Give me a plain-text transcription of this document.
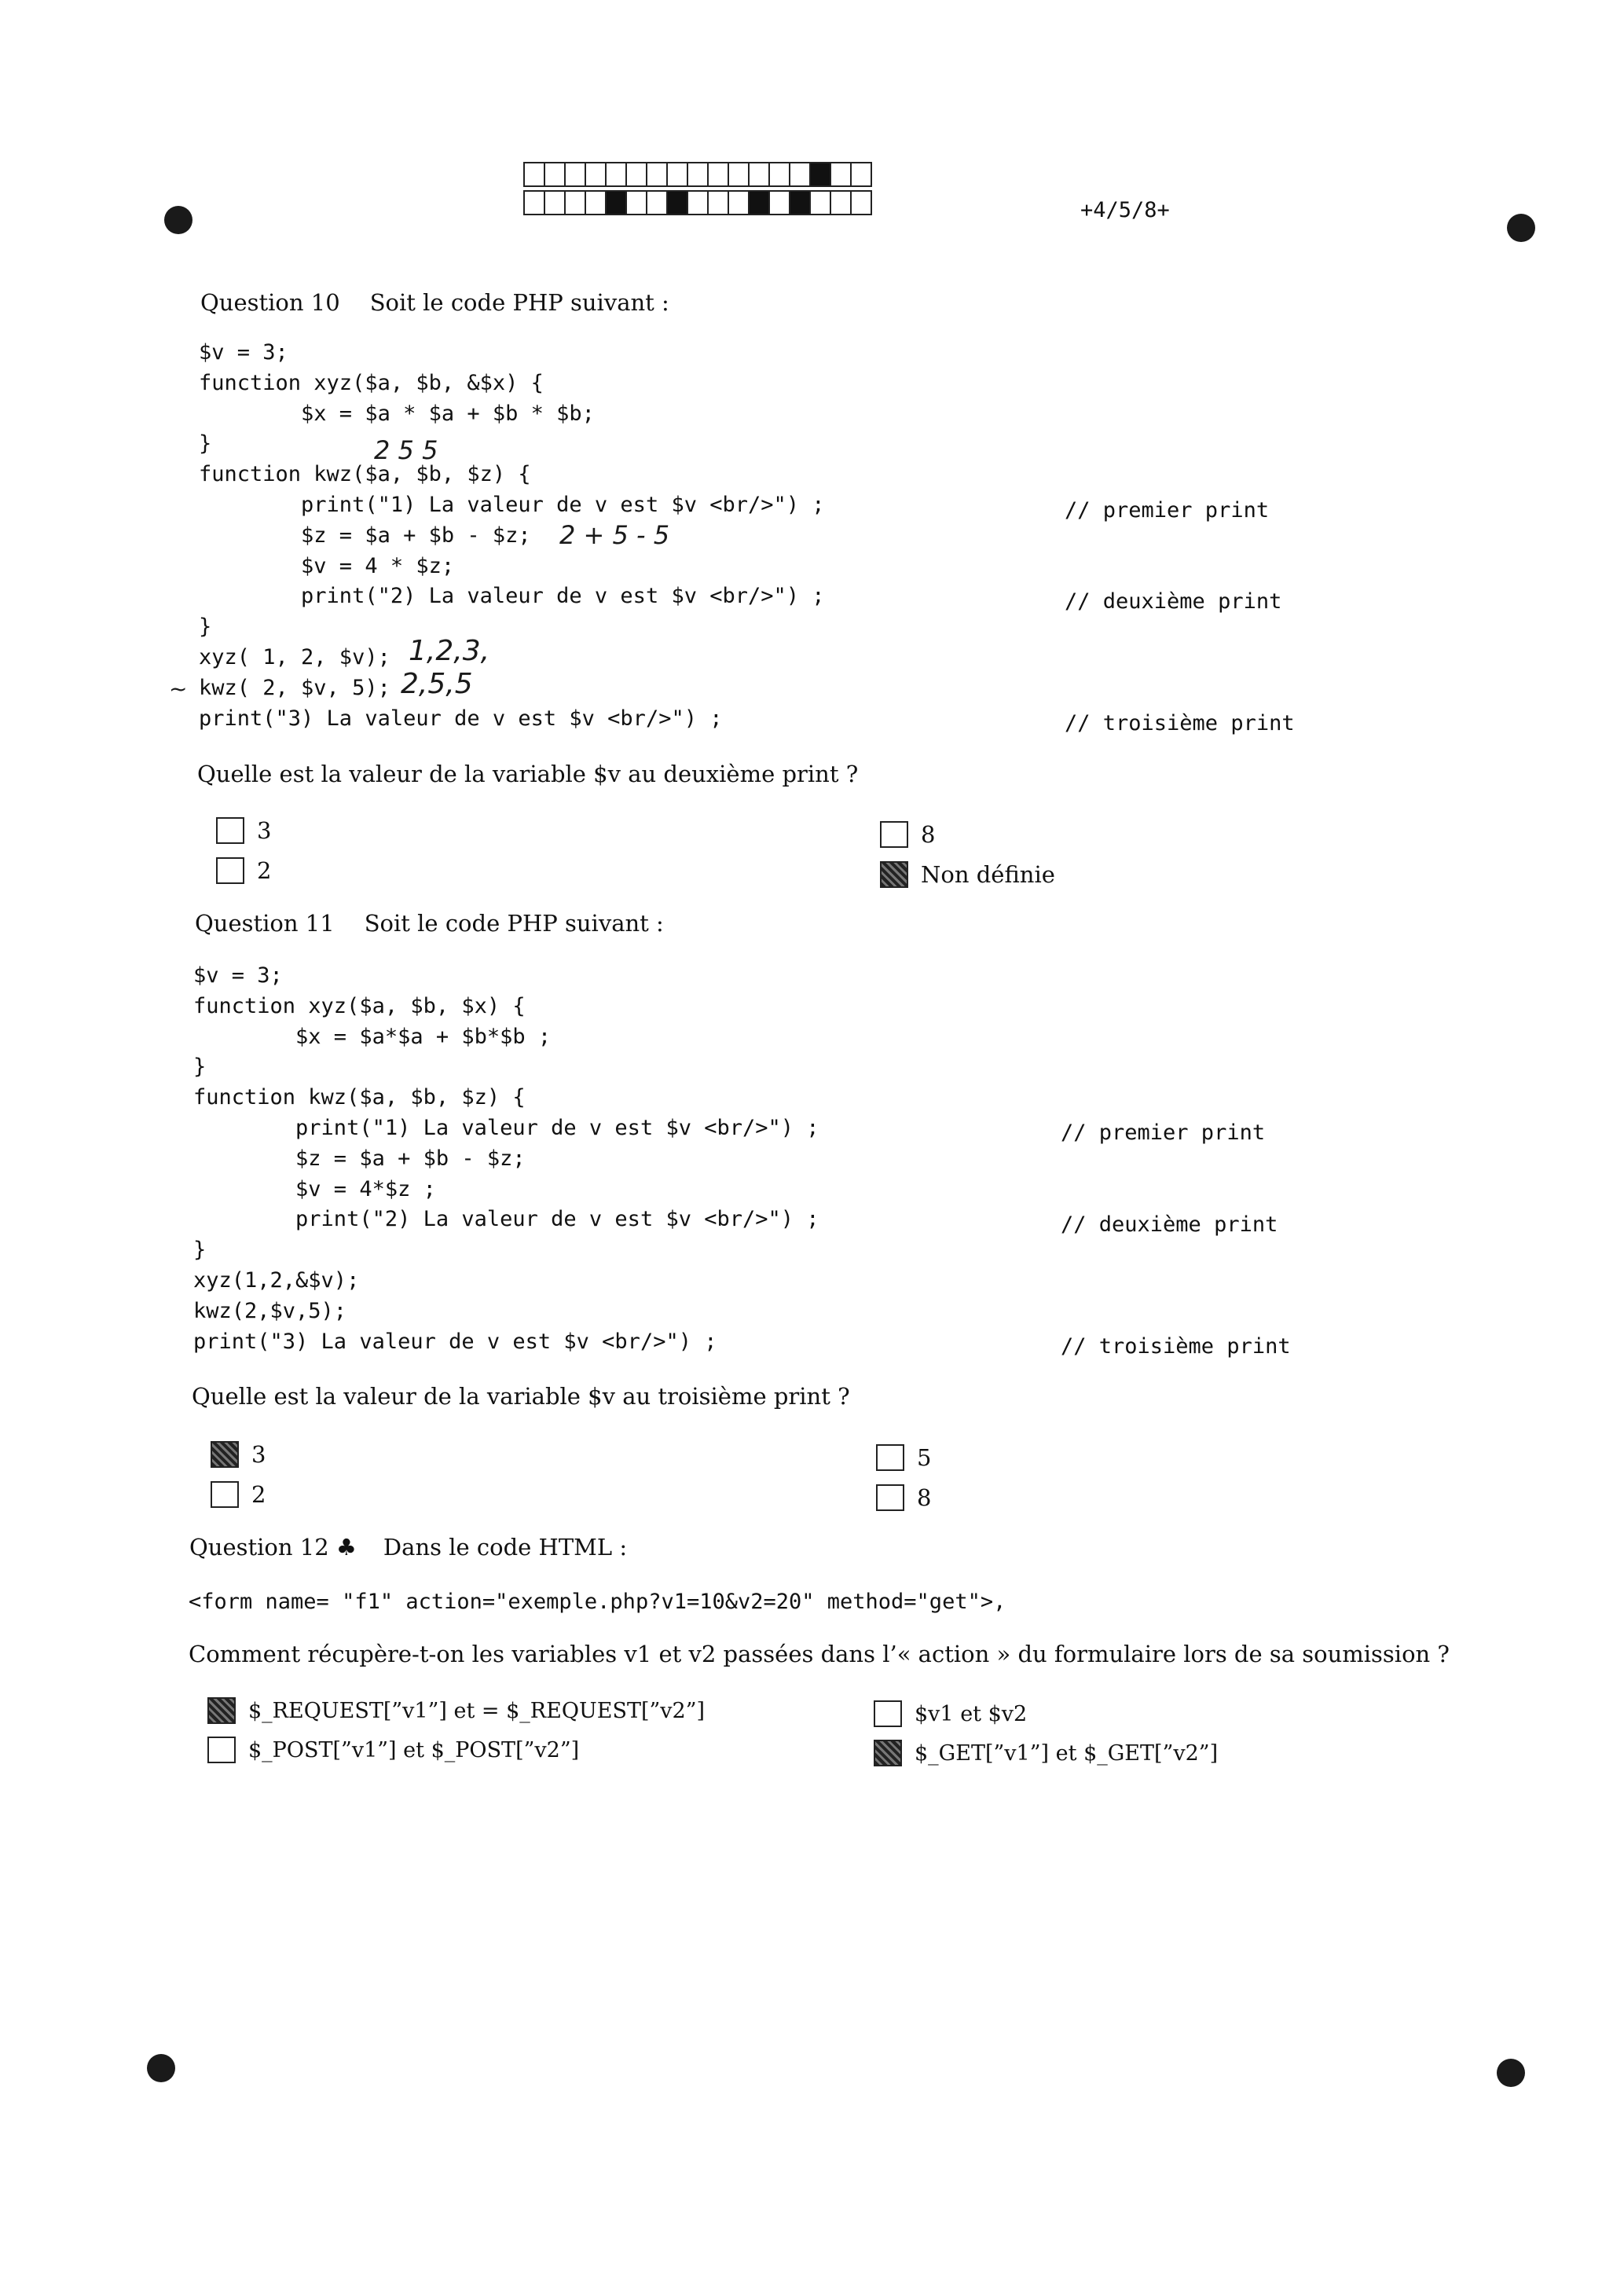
+4/5/8+
Question 10 Soit le code PHP suivant :
$v = 3;
function xyz($a, $b, &$x) {
$x = $a * $a + $b * $b;
}
function kwz($a, $b, $z) {
print("1) La valeur de v est $v <br/>") ;
$z = $a + $b - $z;
$v = 4 * $z;
print("2) La valeur de v est $v <br/>") ;
}
xyz( 1, 2, $v);
kwz( 2, $v, 5);
print("3) La valeur de v est $v <br/>") ;
// premier print
// deuxième print
// troisième print
2 5 5
2 + 5 - 5
1,2,3,
2,5,5
~
Quelle est la valeur de la variable $v au deuxième print ?
3
2
8
Non définie
Question 11 Soit le code PHP suivant :
$v = 3;
function xyz($a, $b, $x) {
$x = $a*$a + $b*$b ;
}
function kwz($a, $b, $z) {
print("1) La valeur de v est $v <br/>") ;
$z = $a + $b - $z;
$v = 4*$z ;
print("2) La valeur de v est $v <br/>") ;
}
xyz(1,2,&$v);
kwz(2,$v,5);
print("3) La valeur de v est $v <br/>") ;
// premier print
// deuxième print
// troisième print
Quelle est la valeur de la variable $v au troisième print ?
3
2
5
8
Question 12 ♣ Dans le code HTML :
<form name= "f1" action="exemple.php?v1=10&v2=20" method="get">,
Comment récupère-t-on les variables v1 et v2 passées dans l’« action » du formulaire lors de sa soumission ?
$_REQUEST[”v1”] et = $_REQUEST[”v2”]
$_POST[”v1”] et $_POST[”v2”]
$v1 et $v2
$_GET[”v1”] et $_GET[”v2”]
